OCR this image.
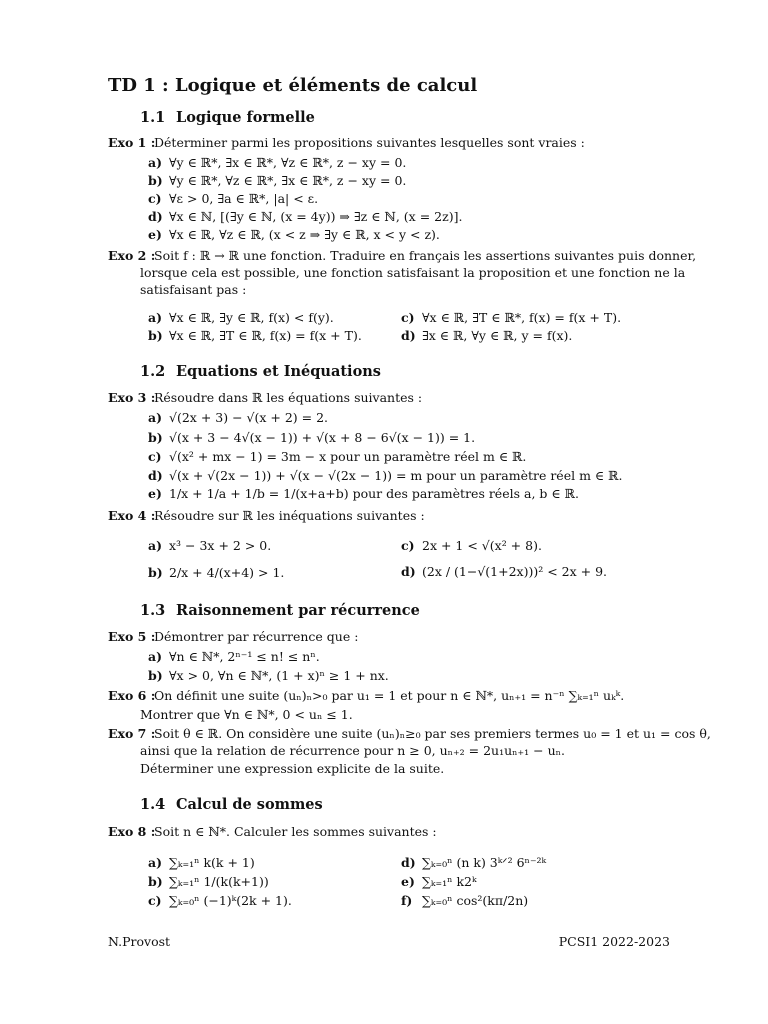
TD 1 : Logique et éléments de calcul
1.1 Logique formelle
Exo 1 :
Déterminer parmi les propositions suivantes lesquelles sont vraies :
a) ∀y ∈ ℝ*, ∃x ∈ ℝ*, ∀z ∈ ℝ*, z − xy = 0.
b) ∀y ∈ ℝ*, ∀z ∈ ℝ*, ∃x ∈ ℝ*, z − xy = 0.
c) ∀ε > 0, ∃a ∈ ℝ*, |a| < ε.
d) ∀x ∈ ℕ, [(∃y ∈ ℕ, (x = 4y)) ⇒ ∃z ∈ ℕ, (x = 2z)].
e) ∀x ∈ ℝ, ∀z ∈ ℝ, (x < z ⇒ ∃y ∈ ℝ, x < y < z).
Exo 2 :
Soit f : ℝ → ℝ une fonction. Traduire en français les assertions suivantes puis donner,
lorsque cela est possible, une fonction satisfaisant la proposition et une fonction ne la
satisfaisant pas :
a) ∀x ∈ ℝ, ∃y ∈ ℝ, f(x) < f(y).
b) ∀x ∈ ℝ, ∃T ∈ ℝ, f(x) = f(x + T).
c) ∀x ∈ ℝ, ∃T ∈ ℝ*, f(x) = f(x + T).
d) ∃x ∈ ℝ, ∀y ∈ ℝ, y = f(x).
1.2 Equations et Inéquations
Exo 3 :
Résoudre dans ℝ les équations suivantes :
a) √(2x + 3) − √(x + 2) = 2.
b) √(x + 3 − 4√(x − 1)) + √(x + 8 − 6√(x − 1)) = 1.
c) √(x² + mx − 1) = 3m − x pour un paramètre réel m ∈ ℝ.
d) √(x + √(2x − 1)) + √(x − √(2x − 1)) = m pour un paramètre réel m ∈ ℝ.
e) 1/x + 1/a + 1/b = 1/(x+a+b) pour des paramètres réels a, b ∈ ℝ.
Exo 4 :
Résoudre sur ℝ les inéquations suivantes :
a) x³ − 3x + 2 > 0.
b) 2/x + 4/(x+4) > 1.
c) 2x + 1 < √(x² + 8).
d) (2x / (1−√(1+2x)))² < 2x + 9.
1.3 Raisonnement par récurrence
Exo 5 :
Démontrer par récurrence que :
a) ∀n ∈ ℕ*, 2ⁿ⁻¹ ≤ n! ≤ nⁿ.
b) ∀x > 0, ∀n ∈ ℕ*, (1 + x)ⁿ ≥ 1 + nx.
Exo 6 :
On définit une suite (uₙ)ₙ>₀ par u₁ = 1 et pour n ∈ ℕ*, uₙ₊₁ = n⁻ⁿ ∑ₖ₌₁ⁿ uₖᵏ.
Montrer que ∀n ∈ ℕ*, 0 < uₙ ≤ 1.
Exo 7 :
Soit θ ∈ ℝ. On considère une suite (uₙ)ₙ≥₀ par ses premiers termes u₀ = 1 et u₁ = cos θ,
ainsi que la relation de récurrence pour n ≥ 0, uₙ₊₂ = 2u₁uₙ₊₁ − uₙ.
Déterminer une expression explicite de la suite.
1.4 Calcul de sommes
Exo 8 :
Soit n ∈ ℕ*. Calculer les sommes suivantes :
a) ∑ₖ₌₁ⁿ k(k + 1)
b) ∑ₖ₌₁ⁿ 1/(k(k+1))
c) ∑ₖ₌₀ⁿ (−1)ᵏ(2k + 1).
d) ∑ₖ₌₀ⁿ (n k) 3ᵏᐟ² 6ⁿ⁻²ᵏ
e) ∑ₖ₌₁ⁿ k2ᵏ
f) ∑ₖ₌₀ⁿ cos²(kπ/2n)
N.Provost	PCSI1 2022-2023
